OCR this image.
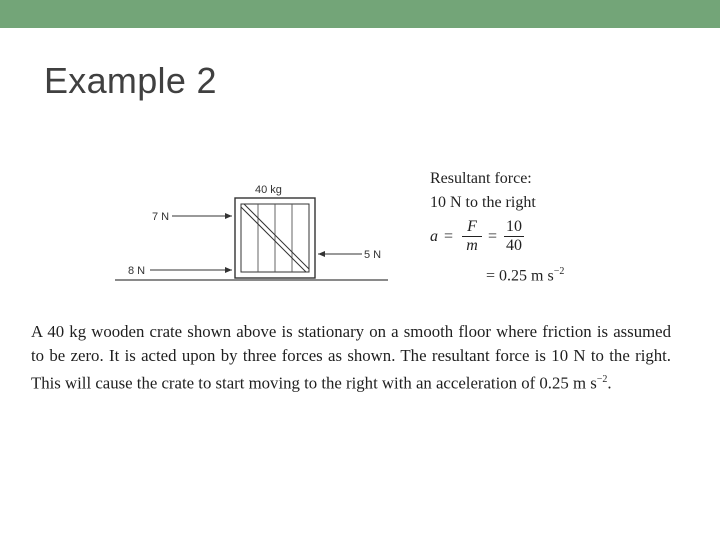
Example 2
40 kg
7 N
8 N
5 N
Resultant force:
10 N to the right
a =
F
m
=
10
40
= 0.25 m $s^{-2}$
A 40 kg wooden crate shown above is stationary on a smooth floor where friction is assumed to be zero. It is acted upon by three forces as shown. The resultant force is 10 N to the right. This will cause the crate to start moving to the right with an acceleration of 0.25 m $s^{-2}$.
